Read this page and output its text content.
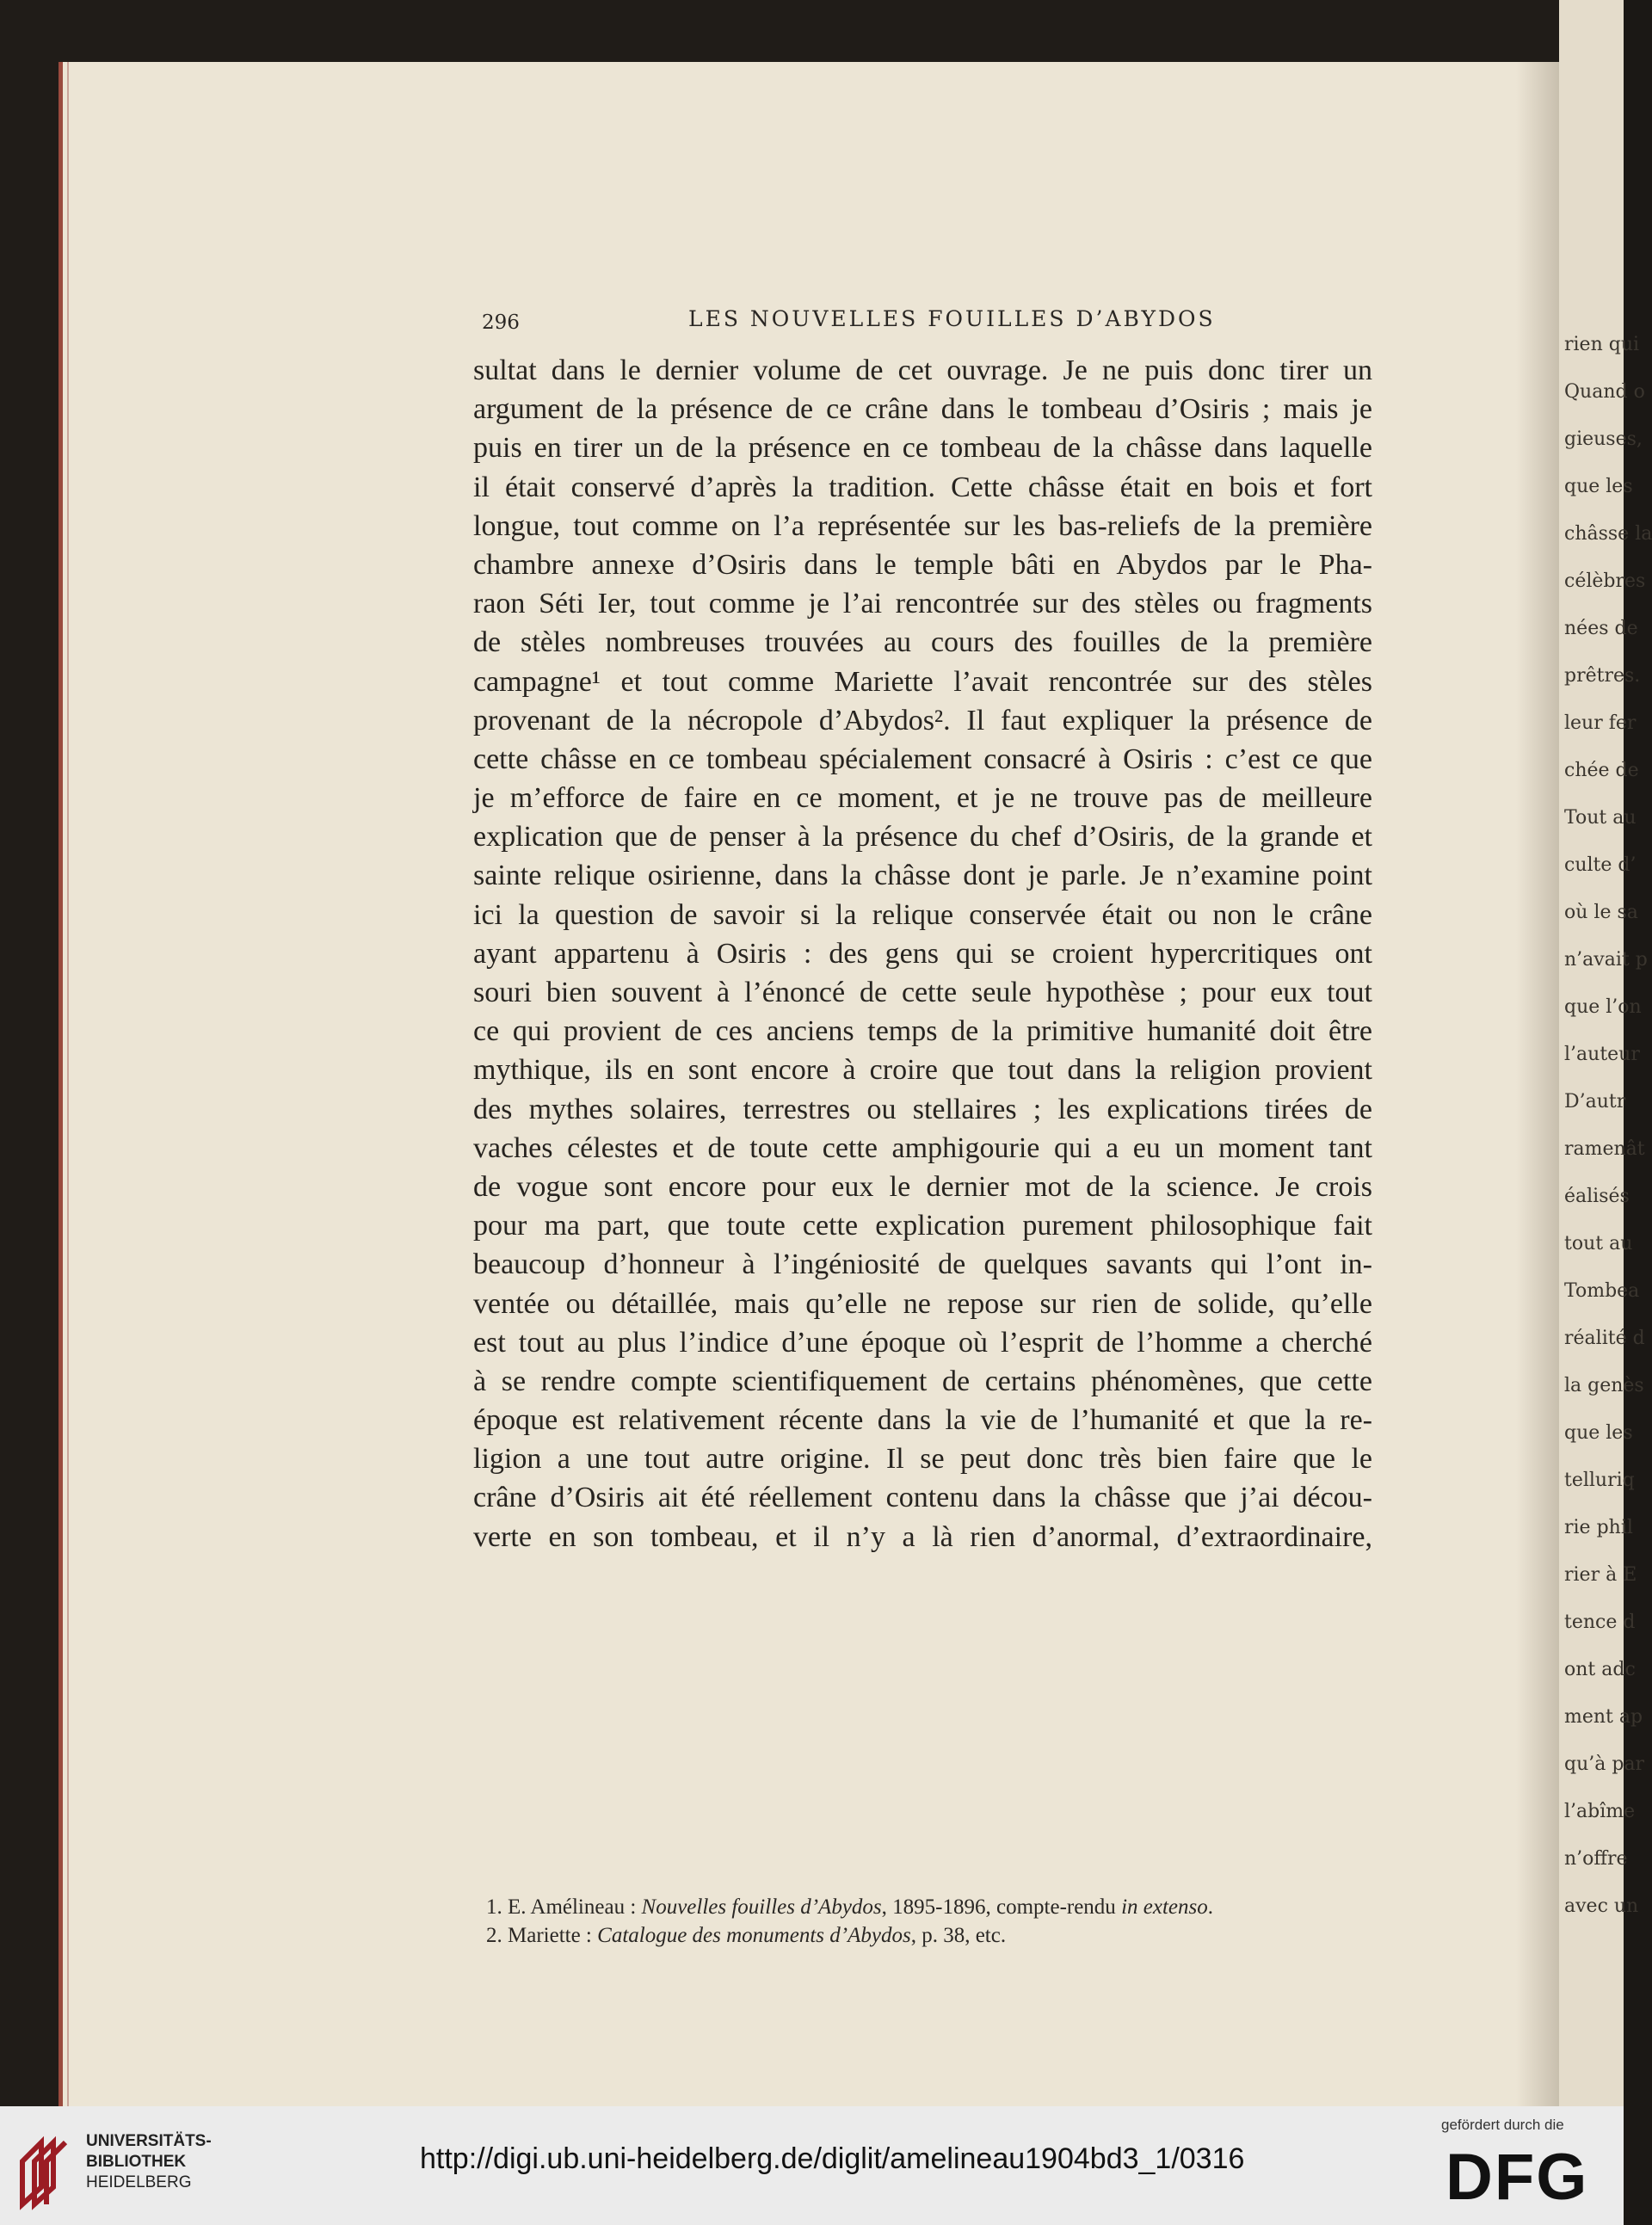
rien qui
Quand o
gieuses,
que les
châsse la
célèbres
nées de
prêtres.
leur fer
chée de
Tout au
culte d’
où le sa
n’avait p
que l’on
l’auteur
D’autr
ramenât
éalisés
tout au
Tombea
réalité d
la genès
que les
telluriq
rie phil
rier à E
tence d
ont adc
ment ap
qu’à par
l’abîme
n’offre
avec un
296	LES NOUVELLES FOUILLES D’ABYDOS
sultat dans le dernier volume de cet ouvrage. Je ne puis donc tirer un
argument de la présence de ce crâne dans le tombeau d’Osiris ; mais je
puis en tirer un de la présence en ce tombeau de la châsse dans laquelle
il était conservé d’après la tradition. Cette châsse était en bois et fort
longue, tout comme on l’a représentée sur les bas-reliefs de la première
chambre annexe d’Osiris dans le temple bâti en Abydos par le Pha-
raon Séti Ier, tout comme je l’ai rencontrée sur des stèles ou fragments
de stèles nombreuses trouvées au cours des fouilles de la première
campagne¹ et tout comme Mariette l’avait rencontrée sur des stèles
provenant de la nécropole d’Abydos². Il faut expliquer la présence de
cette châsse en ce tombeau spécialement consacré à Osiris : c’est ce que
je m’efforce de faire en ce moment, et je ne trouve pas de meilleure
explication que de penser à la présence du chef d’Osiris, de la grande et
sainte relique osirienne, dans la châsse dont je parle. Je n’examine point
ici la question de savoir si la relique conservée était ou non le crâne
ayant appartenu à Osiris : des gens qui se croient hypercritiques ont
souri bien souvent à l’énoncé de cette seule hypothèse ; pour eux tout
ce qui provient de ces anciens temps de la primitive humanité doit être
mythique, ils en sont encore à croire que tout dans la religion provient
des mythes solaires, terrestres ou stellaires ; les explications tirées de
vaches célestes et de toute cette amphigourie qui a eu un moment tant
de vogue sont encore pour eux le dernier mot de la science. Je crois
pour ma part, que toute cette explication purement philosophique fait
beaucoup d’honneur à l’ingéniosité de quelques savants qui l’ont in-
ventée ou détaillée, mais qu’elle ne repose sur rien de solide, qu’elle
est tout au plus l’indice d’une époque où l’esprit de l’homme a cherché
à se rendre compte scientifiquement de certains phénomènes, que cette
époque est relativement récente dans la vie de l’humanité et que la re-
ligion a une tout autre origine. Il se peut donc très bien faire que le
crâne d’Osiris ait été réellement contenu dans la châsse que j’ai décou-
verte en son tombeau, et il n’y a là rien d’anormal, d’extraordinaire,
1. E. Amélineau : Nouvelles fouilles d’Abydos, 1895-1896, compte-rendu in extenso.
2. Mariette : Catalogue des monuments d’Abydos, p. 38, etc.
UNIVERSITÄTS-
BIBLIOTHEK
HEIDELBERG
http://digi.ub.uni-heidelberg.de/diglit/amelineau1904bd3_1/0316
gefördert durch die
DFG
